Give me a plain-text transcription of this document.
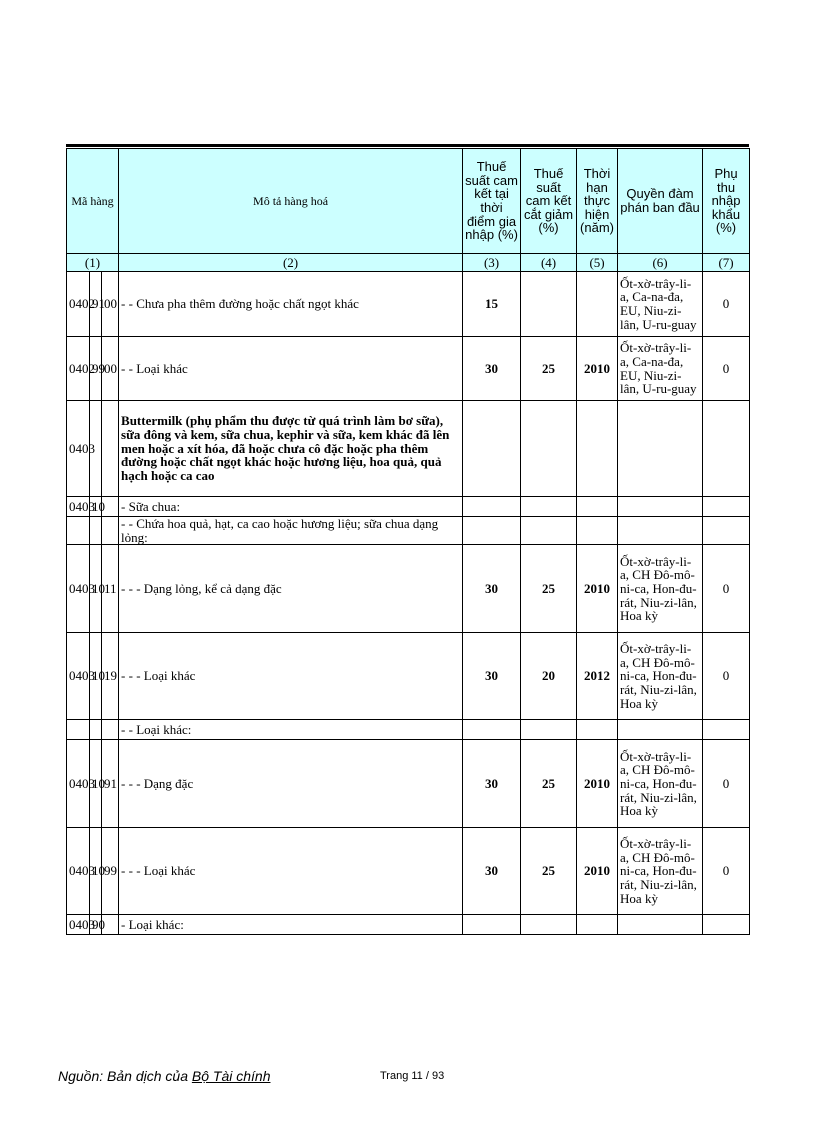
Mã hàng			Mô tả hàng hoá	Thuế suất cam kết tại thời điểm gia nhập (%)	Thuế suất cam kết cắt giảm (%)	Thời hạn thực hiện (năm)	Quyền đàm phán ban đầu	Phụ thu nhập khẩu (%)
(1)			(2)	(3)	(4)	(5)	(6)	(7)
0402	91	00	- - Chưa pha thêm đường hoặc chất ngọt khác	15			Ốt-xờ-trây-li-a, Ca-na-đa, EU, Niu-zi-lân, U-ru-guay	0
0402	99	00	- - Loại khác	30	25	2010	Ốt-xờ-trây-li-a, Ca-na-đa, EU, Niu-zi-lân, U-ru-guay	0
0403			Buttermilk (phụ phẩm thu được từ quá trình làm bơ sữa), sữa đông và kem, sữa chua, kephir và sữa, kem khác đã lên men hoặc a xít hóa, đã hoặc chưa cô đặc hoặc pha thêm đường hoặc chất ngọt khác hoặc hương liệu, hoa quả, quả hạch hoặc ca cao					
0403	10		- Sữa chua:					
			- - Chứa hoa quả, hạt, ca cao hoặc hương liệu; sữa chua dạng lỏng:					
0403	10	11	- - - Dạng lỏng, kể cả dạng đặc	30	25	2010	Ốt-xờ-trây-li-a, CH Đô-mô-ni-ca, Hon-đu-rát, Niu-zi-lân, Hoa kỳ	0
0403	10	19	- - - Loại khác	30	20	2012	Ốt-xờ-trây-li-a, CH Đô-mô-ni-ca, Hon-đu-rát, Niu-zi-lân, Hoa kỳ	0
			- - Loại khác:					
0403	10	91	- - - Dạng đặc	30	25	2010	Ốt-xờ-trây-li-a, CH Đô-mô-ni-ca, Hon-đu-rát, Niu-zi-lân, Hoa kỳ	0
0403	10	99	- - - Loại khác	30	25	2010	Ốt-xờ-trây-li-a, CH Đô-mô-ni-ca, Hon-đu-rát, Niu-zi-lân, Hoa kỳ	0
0403	90		- Loại khác:					
Nguồn: Bản dịch của Bộ Tài chính	Trang 11 / 93
